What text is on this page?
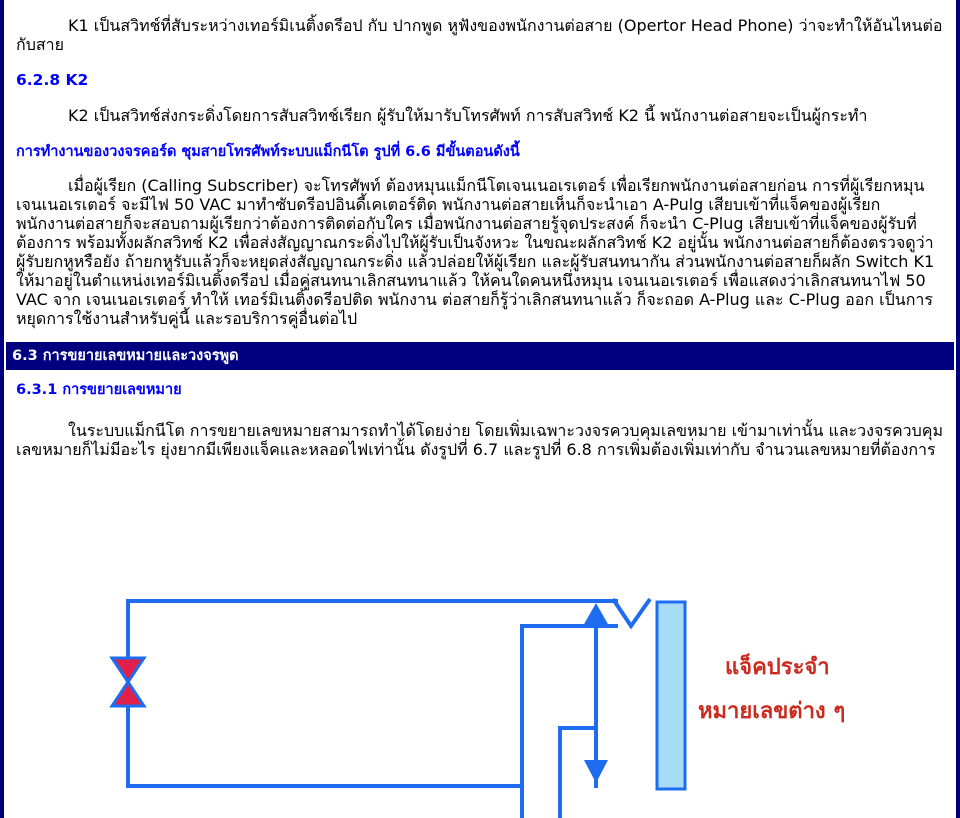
K1 เป็นสวิทช์ที่สับระหว่างเทอร์มิเนติ้งดรีอป กับ ปากพูด หูฟังของพนักงานต่อสาย (Opertor Head Phone) ว่าจะทำให้อันไหนต่อกับสาย

6.2.8 K2

K2 เป็นสวิทช์ส่งกระดิ่งโดยการสับสวิทช์เรียก ผู้รับให้มารับโทรศัพท์ การสับสวิทช์ K2 นี้ พนักงานต่อสายจะเป็นผู้กระทำ

การทำงานของวงจรคอร์ด ชุมสายโทรศัพท์ระบบแม็กนีโต รูปที่ 6.6 มีขั้นตอนดังนี้

เมื่อผู้เรียก (Calling Subscriber) จะโทรศัพท์ ต้องหมุนแม็กนีโตเจนเนอเรเตอร์ เพื่อเรียกพนักงานต่อสายก่อน การที่ผู้เรียกหมุนเจนเนอเรเตอร์ จะมีไฟ 50 VAC มาทำซับดรีอปอินดี้เคเตอร์ติด พนักงานต่อสายเห็นก็จะนำเอา A-Pulg เสียบเข้าที่แจ็คของผู้เรียก พนักงานต่อสายก็จะสอบถามผู้เรียกว่าต้องการติดต่อกับใคร เมื่อพนักงานต่อสายรู้จุดประสงค์ ก็จะนำ C-Plug เสียบเข้าที่แจ็คของผู้รับที่ต้องการ พร้อมทั้งผลักสวิทช์ K2 เพื่อส่งสัญญาณกระดิ่งไปให้ผู้รับเป็นจังหวะ ในขณะผลักสวิทช์ K2 อยู่นั้น พนักงานต่อสายก็ต้องตรวจดูว่า ผู้รับยกหูหรือยัง ถ้ายกหูรับแล้วก็จะหยุดส่งสัญญาณกระดิ่ง แล้วปล่อยให้ผู้เรียก และผู้รับสนทนากัน ส่วนพนักงานต่อสายก็ผลัก Switch K1 ให้มาอยู่ในตำแหน่งเทอร์มิเนติ้งดรีอป เมื่อคู่สนทนาเลิกสนทนาแล้ว ให้คนใดคนหนึ่งหมุน เจนเนอเรเตอร์ เพื่อแสดงว่าเลิกสนทนาไฟ 50 VAC จาก เจนเนอเรเตอร์ ทำให้ เทอร์มิเนติ้งดรีอปติด พนักงาน ต่อสายก็รู้ว่าเลิกสนทนาแล้ว ก็จะถอด A-Plug และ C-Plug ออก เป็นการหยุดการใช้งานสำหรับคู่นี้ และรอบริการคู่อื่นต่อไป

6.3 การขยายเลขหมายและวงจรพูด

6.3.1 การขยายเลขหมาย

ในระบบแม็กนีโต การขยายเลขหมายสามารถทำได้โดยง่าย โดยเพิ่มเฉพาะวงจรควบคุมเลขหมาย เข้ามาเท่านั้น และวงจรควบคุมเลขหมายก็ไม่มีอะไร ยุ่งยากมีเพียงแจ็คและหลอดไฟเท่านั้น ดังรูปที่ 6.7 และรูปที่ 6.8 การเพิ่มต้องเพิ่มเท่ากับ จำนวนเลขหมายที่ต้องการ

แจ็คประจำ
หมายเลขต่าง ๆ
